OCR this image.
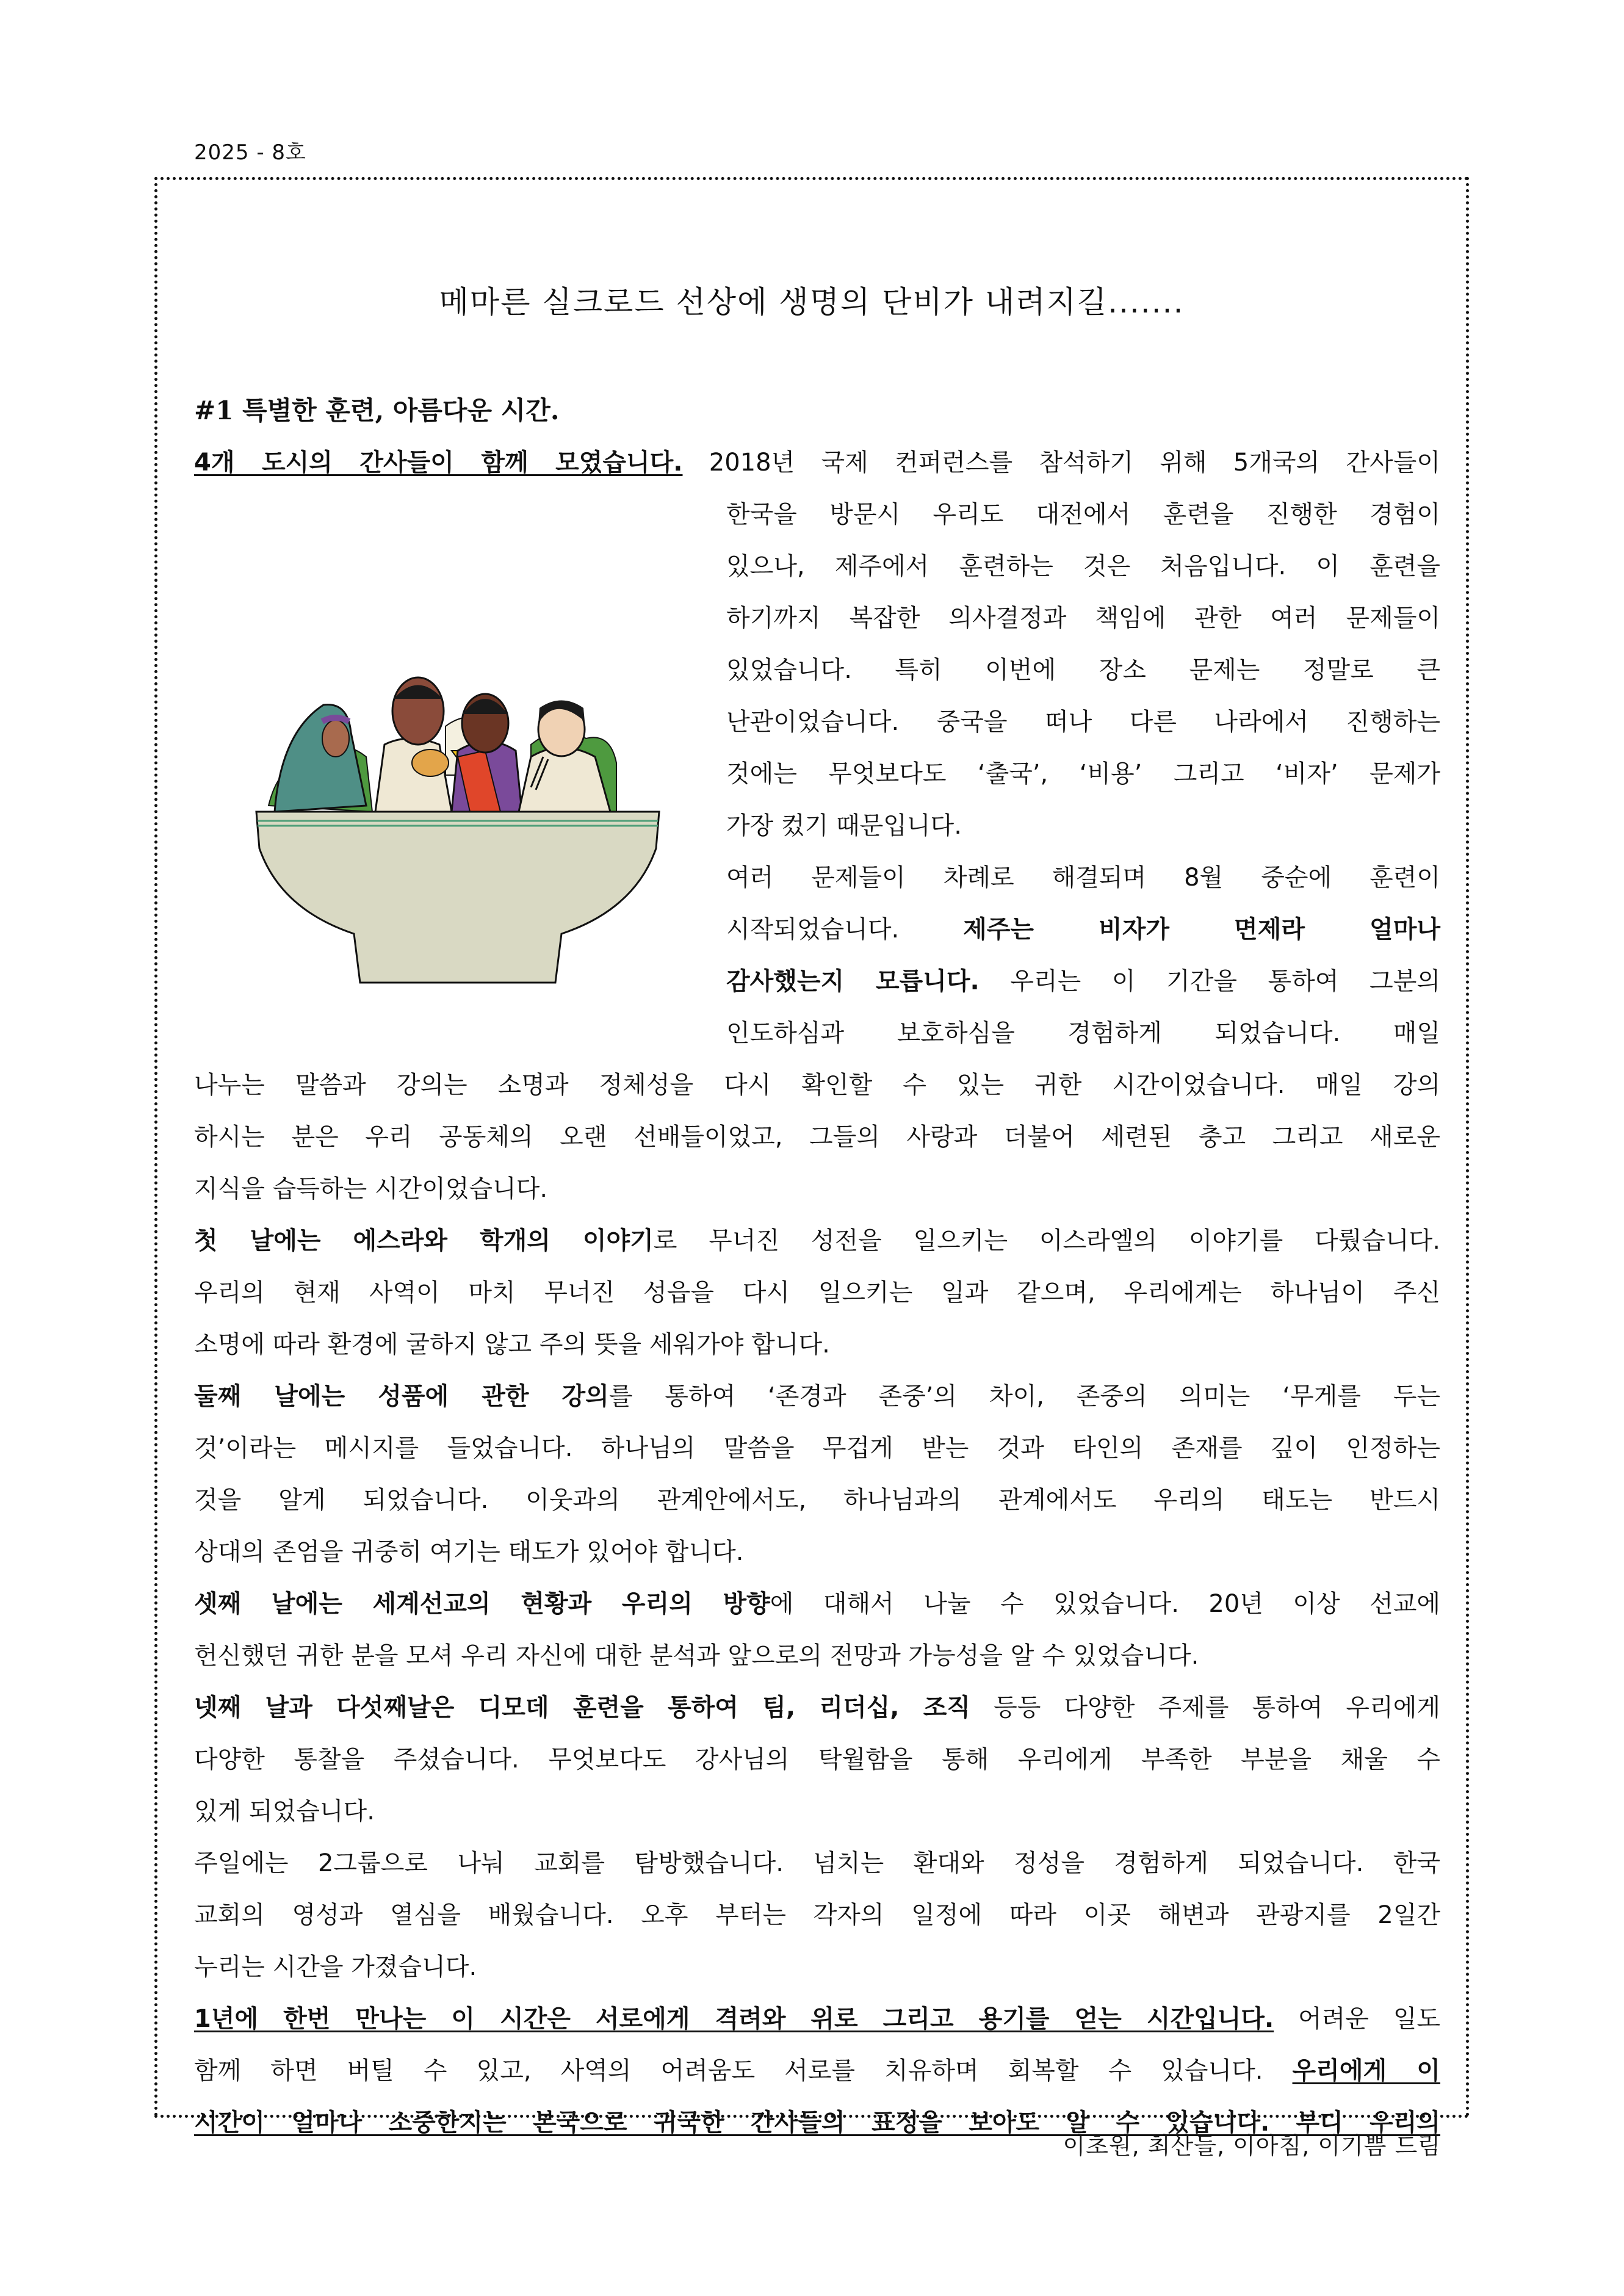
2025 - 8호
메마른 실크로드 선상에 생명의 단비가 내려지길.......
#1 특별한 훈련, 아름다운 시간.
4개 도시의 간사들이 함께 모였습니다. 2018년 국제 컨퍼런스를 참석하기 위해 5개국의 간사들이
한국을 방문시 우리도 대전에서 훈련을 진행한 경험이
있으나, 제주에서 훈련하는 것은 처음입니다. 이 훈련을
하기까지 복잡한 의사결정과 책임에 관한 여러 문제들이
있었습니다. 특히 이번에 장소 문제는 정말로 큰
난관이었습니다. 중국을 떠나 다른 나라에서 진행하는
것에는 무엇보다도 ‘출국’, ‘비용’ 그리고 ‘비자’ 문제가
가장 컸기 때문입니다.
여러 문제들이 차례로 해결되며 8월 중순에 훈련이
시작되었습니다. 제주는 비자가 면제라 얼마나
감사했는지 모릅니다. 우리는 이 기간을 통하여 그분의
인도하심과 보호하심을 경험하게 되었습니다. 매일
나누는 말씀과 강의는 소명과 정체성을 다시 확인할 수 있는 귀한 시간이었습니다. 매일 강의
하시는 분은 우리 공동체의 오랜 선배들이었고, 그들의 사랑과 더불어 세련된 충고 그리고 새로운
지식을 습득하는 시간이었습니다.
첫 날에는 에스라와 학개의 이야기로 무너진 성전을 일으키는 이스라엘의 이야기를 다뤘습니다.
우리의 현재 사역이 마치 무너진 성읍을 다시 일으키는 일과 같으며, 우리에게는 하나님이 주신
소명에 따라 환경에 굴하지 않고 주의 뜻을 세워가야 합니다.
둘째 날에는 성품에 관한 강의를 통하여 ‘존경과 존중’의 차이, 존중의 의미는 ‘무게를 두는
것’이라는 메시지를 들었습니다. 하나님의 말씀을 무겁게 받는 것과 타인의 존재를 깊이 인정하는
것을 알게 되었습니다. 이웃과의 관계안에서도, 하나님과의 관계에서도 우리의 태도는 반드시
상대의 존엄을 귀중히 여기는 태도가 있어야 합니다.
셋째 날에는 세계선교의 현황과 우리의 방향에 대해서 나눌 수 있었습니다. 20년 이상 선교에
헌신했던 귀한 분을 모셔 우리 자신에 대한 분석과 앞으로의 전망과 가능성을 알 수 있었습니다.
넷째 날과 다섯째날은 디모데 훈련을 통하여 팀, 리더십, 조직 등등 다양한 주제를 통하여 우리에게
다양한 통찰을 주셨습니다. 무엇보다도 강사님의 탁월함을 통해 우리에게 부족한 부분을 채울 수
있게 되었습니다.
주일에는 2그룹으로 나눠 교회를 탐방했습니다. 넘치는 환대와 정성을 경험하게 되었습니다. 한국
교회의 영성과 열심을 배웠습니다. 오후 부터는 각자의 일정에 따라 이곳 해변과 관광지를 2일간
누리는 시간을 가졌습니다.
1년에 한번 만나는 이 시간은 서로에게 격려와 위로 그리고 용기를 얻는 시간입니다. 어려운 일도
함께 하면 버틸 수 있고, 사역의 어려움도 서로를 치유하며 회복할 수 있습니다. 우리에게 이
시간이 얼마나 소중한지는 본국으로 귀국한 간사들의 표정을 보아도 알 수 있습니다. 부디 우리의
이초원, 최산들, 이아침, 이기쁨 드림
